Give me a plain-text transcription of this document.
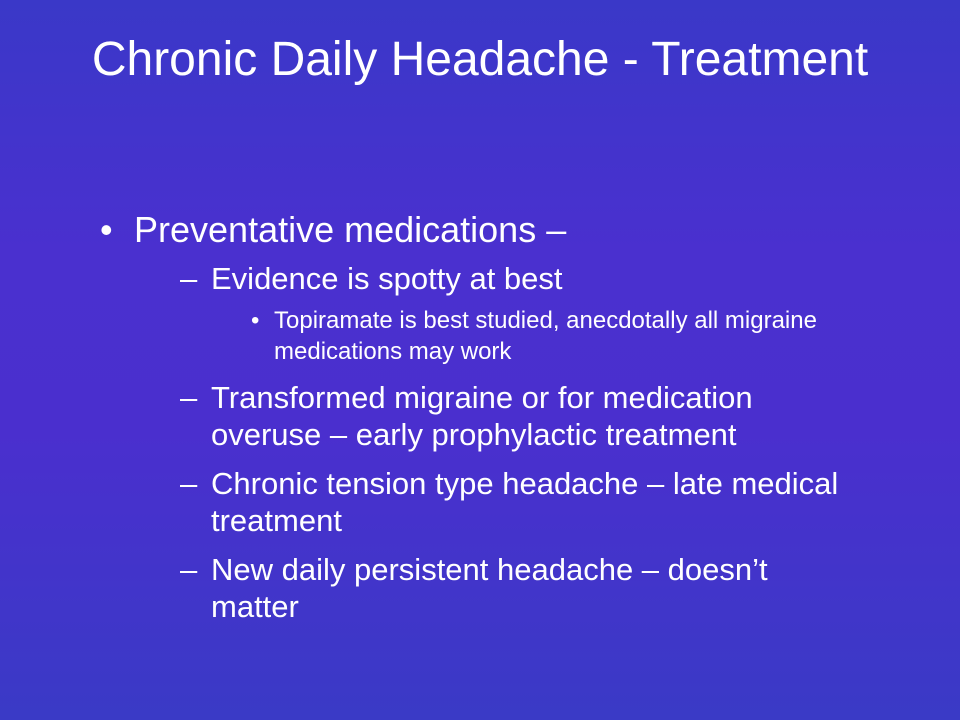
Chronic Daily Headache - Treatment
• Preventative medications –
– Evidence is spotty at best
• Topiramate is best studied, anecdotally all migraine medications may work
– Transformed migraine or for medication overuse – early prophylactic treatment
– Chronic tension type headache – late medical treatment
– New daily persistent headache – doesn’t matter
